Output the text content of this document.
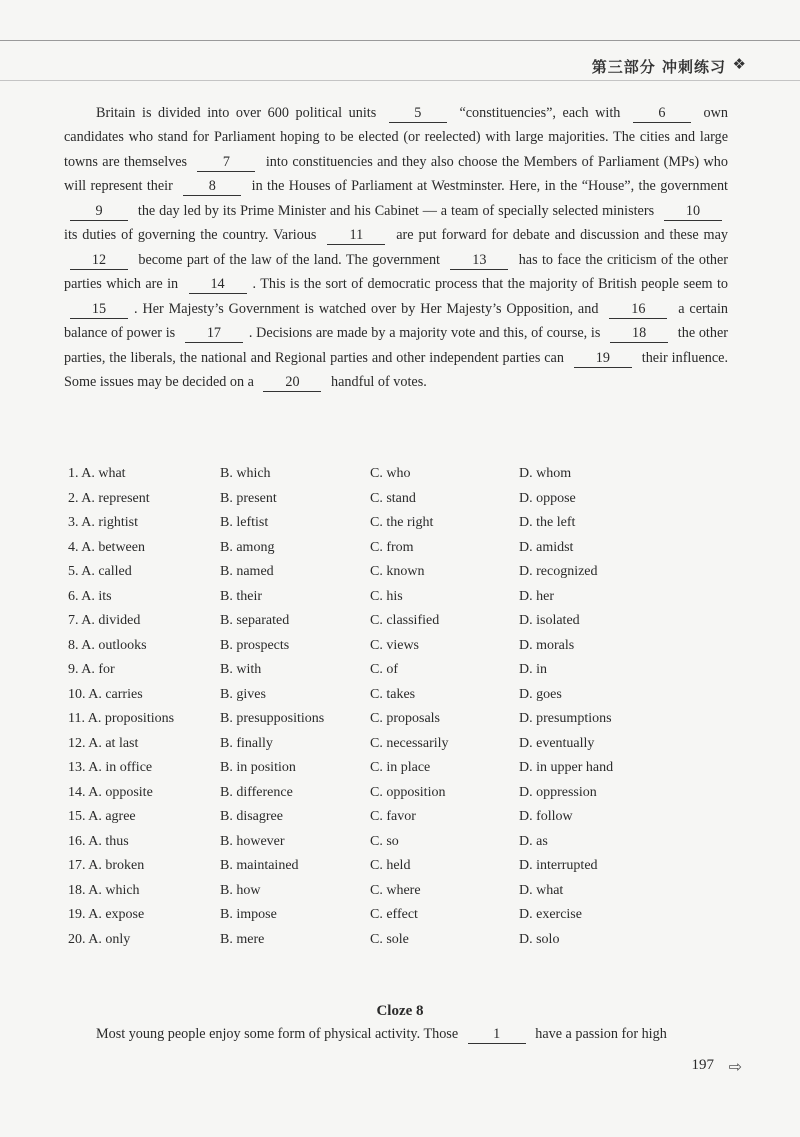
第三部分 冲刺练习 ❖
Britain is divided into over 600 political units 5 “constituencies”, each with 6 own candidates who stand for Parliament hoping to be elected (or reelected) with large majorities. The cities and large towns are themselves 7 into constituencies and they also choose the Members of Parliament (MPs) who will represent their 8 in the Houses of Parliament at Westminster. Here, in the “House”, the government 9 the day led by its Prime Minister and his Cabinet — a team of specially selected ministers 10 its duties of governing the country. Various 11 are put forward for debate and discussion and these may 12 become part of the law of the land. The government 13 has to face the criticism of the other parties which are in 14 . This is the sort of democratic process that the majority of British people seem to 15 . Her Majesty’s Government is watched over by Her Majesty’s Opposition, and 16 a certain balance of power is 17 . Decisions are made by a majority vote and this, of course, is 18 the other parties, the liberals, the national and Regional parties and other independent parties can 19 their influence. Some issues may be decided on a 20 handful of votes.
1. A. what	B. which	C. who	D. whom
2. A. represent	B. present	C. stand	D. oppose
3. A. rightist	B. leftist	C. the right	D. the left
4. A. between	B. among	C. from	D. amidst
5. A. called	B. named	C. known	D. recognized
6. A. its	B. their	C. his	D. her
7. A. divided	B. separated	C. classified	D. isolated
8. A. outlooks	B. prospects	C. views	D. morals
9. A. for	B. with	C. of	D. in
10. A. carries	B. gives	C. takes	D. goes
11. A. propositions	B. presuppositions	C. proposals	D. presumptions
12. A. at last	B. finally	C. necessarily	D. eventually
13. A. in office	B. in position	C. in place	D. in upper hand
14. A. opposite	B. difference	C. opposition	D. oppression
15. A. agree	B. disagree	C. favor	D. follow
16. A. thus	B. however	C. so	D. as
17. A. broken	B. maintained	C. held	D. interrupted
18. A. which	B. how	C. where	D. what
19. A. expose	B. impose	C. effect	D. exercise
20. A. only	B. mere	C. sole	D. solo
Cloze 8
Most young people enjoy some form of physical activity. Those 1 have a passion for high
197 ⇨
